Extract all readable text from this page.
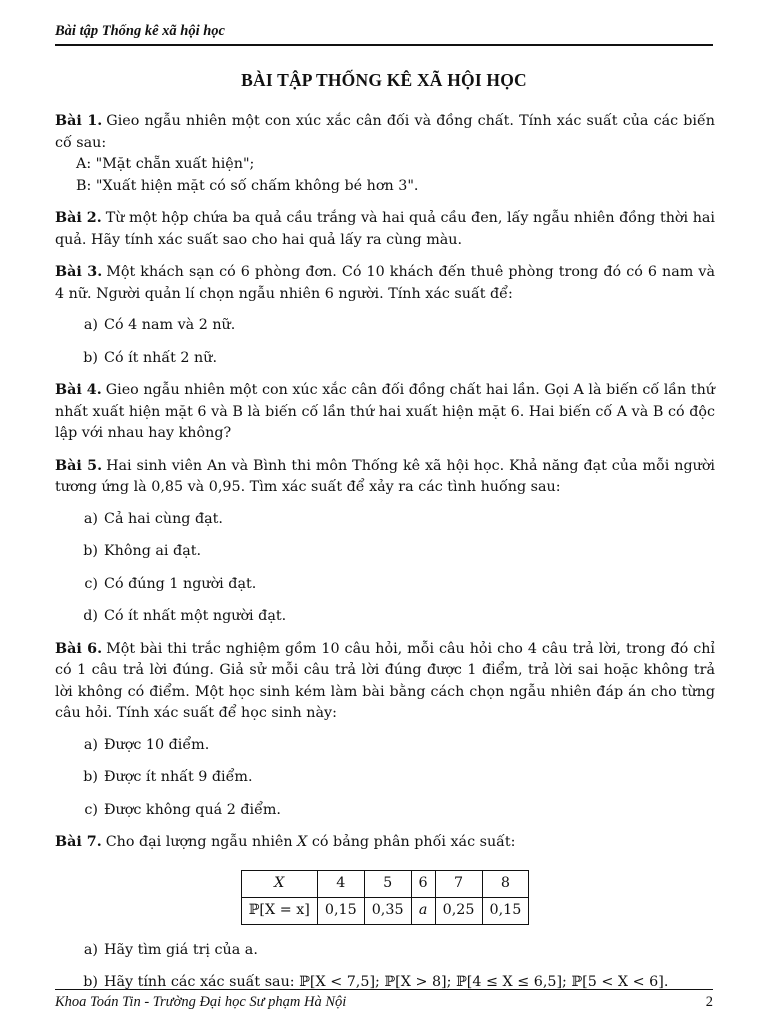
Bài tập Thống kê xã hội học
BÀI TẬP THỐNG KÊ XÃ HỘI HỌC
Bài 1. Gieo ngẫu nhiên một con xúc xắc cân đối và đồng chất. Tính xác suất của các biến cố sau:

A: "Mặt chẵn xuất hiện";

B: "Xuất hiện mặt có số chấm không bé hơn 3".

Bài 2. Từ một hộp chứa ba quả cầu trắng và hai quả cầu đen, lấy ngẫu nhiên đồng thời hai quả. Hãy tính xác suất sao cho hai quả lấy ra cùng màu.
Bài 3. Một khách sạn có 6 phòng đơn. Có 10 khách đến thuê phòng trong đó có 6 nam và 4 nữ. Người quản lí chọn ngẫu nhiên 6 người. Tính xác suất để:
a) Có 4 nam và 2 nữ.
b) Có ít nhất 2 nữ.
Bài 4. Gieo ngẫu nhiên một con xúc xắc cân đối đồng chất hai lần. Gọi A là biến cố lần thứ nhất xuất hiện mặt 6 và B là biến cố lần thứ hai xuất hiện mặt 6. Hai biến cố A và B có độc lập với nhau hay không?
Bài 5. Hai sinh viên An và Bình thi môn Thống kê xã hội học. Khả năng đạt của mỗi người tương ứng là 0,85 và 0,95. Tìm xác suất để xảy ra các tình huống sau:
a) Cả hai cùng đạt.
b) Không ai đạt.
c) Có đúng 1 người đạt.
d) Có ít nhất một người đạt.
Bài 6. Một bài thi trắc nghiệm gồm 10 câu hỏi, mỗi câu hỏi cho 4 câu trả lời, trong đó chỉ có 1 câu trả lời đúng. Giả sử mỗi câu trả lời đúng được 1 điểm, trả lời sai hoặc không trả lời không có điểm. Một học sinh kém làm bài bằng cách chọn ngẫu nhiên đáp án cho từng câu hỏi. Tính xác suất để học sinh này:
a) Được 10 điểm.
b) Được ít nhất 9 điểm.
c) Được không quá 2 điểm.
Bài 7. Cho đại lượng ngẫu nhiên X có bảng phân phối xác suất:
X	4	5	6	7	8
ℙ[X = x]	0,15	0,35	a	0,25	0,15
a) Hãy tìm giá trị của a.
b) Hãy tính các xác suất sau: ℙ[X < 7,5]; ℙ[X > 8]; ℙ[4 ≤ X ≤ 6,5]; ℙ[5 < X < 6].
Khoa Toán Tin - Trường Đại học Sư phạm Hà Nội	2
